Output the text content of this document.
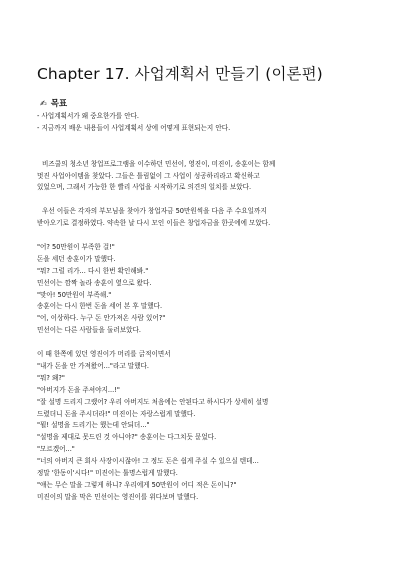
Chapter 17. 사업계획서 만들기 (이론편)
✍ 목표
- 사업계획서가 왜 중요한가를 안다.
- 지금까지 배운 내용들이 사업계획서 상에 어떻게 표현되는지 안다.
비즈쿨의 청소년 창업프로그램을 이수하던 민선이, 영진이, 미진이, 송훈이는 함께
멋진 사업아이템을 찾았다. 그들은 틀림없이 그 사업이 성공하리라고 확신하고
있었으며, 그래서 가능한 한 빨리 사업을 시작하기로 의견의 일치를 보았다.
우선 이들은 각자의 부모님을 찾아가 창업자금 50만원씩을 다음 주 수요일까지
받아오기로 결정하였다. 약속한 날 다시 모인 이들은 창업자금을 한곳에에 모았다.
"어? 50만원이 부족한 걸!"
돈을 세던 송훈이가 말했다.
"뭐? 그럴 리가... 다시 한번 확인해봐."
민선이는 깜짝 놀라 송훈이 옆으로 왔다.
"맞아! 50만원이 부족해."
송훈이는 다시 한번 돈을 세어 본 후 말했다.
"어, 이상하다. 누구 돈 안가져온 사람 있어?"
민선이는 다른 사람들을 둘러보았다.
이 때 한쪽에 있던 영진이가 머리를 긁적이면서
"내가 돈을 안 가져왔어..."라고 말했다.
"뭐? 왜?"
"아버지가 돈을 주셔야지...!"
"잘 설명 드리지 그랬어? 우리 아버지도 처음에는 안된다고 하시다가 상세히 설명
드렸더니 돈을 주시더라!" 미진이는 자랑스럽게 말했다.
"뭘! 설명을 드리기는 했는데 안되더..."
"설명을 제대로 못드린 것 아니야?" 송훈이는 다그치듯 묻었다.
"모르겠어..."
"너의 아버지 큰 회사 사장이시잖아! 그 정도 돈은 쉽게 주실 수 있으실 텐데...
정말 '한동이'시다!" 미진이는 툴명스럽게 말했다.
"얘는 무슨 말을 그렇게 하니? 우리에게 50만원이 어디 적은 돈이니?"
미진이의 말을 막은 민선이는 영진이를 위다보며 말했다.
